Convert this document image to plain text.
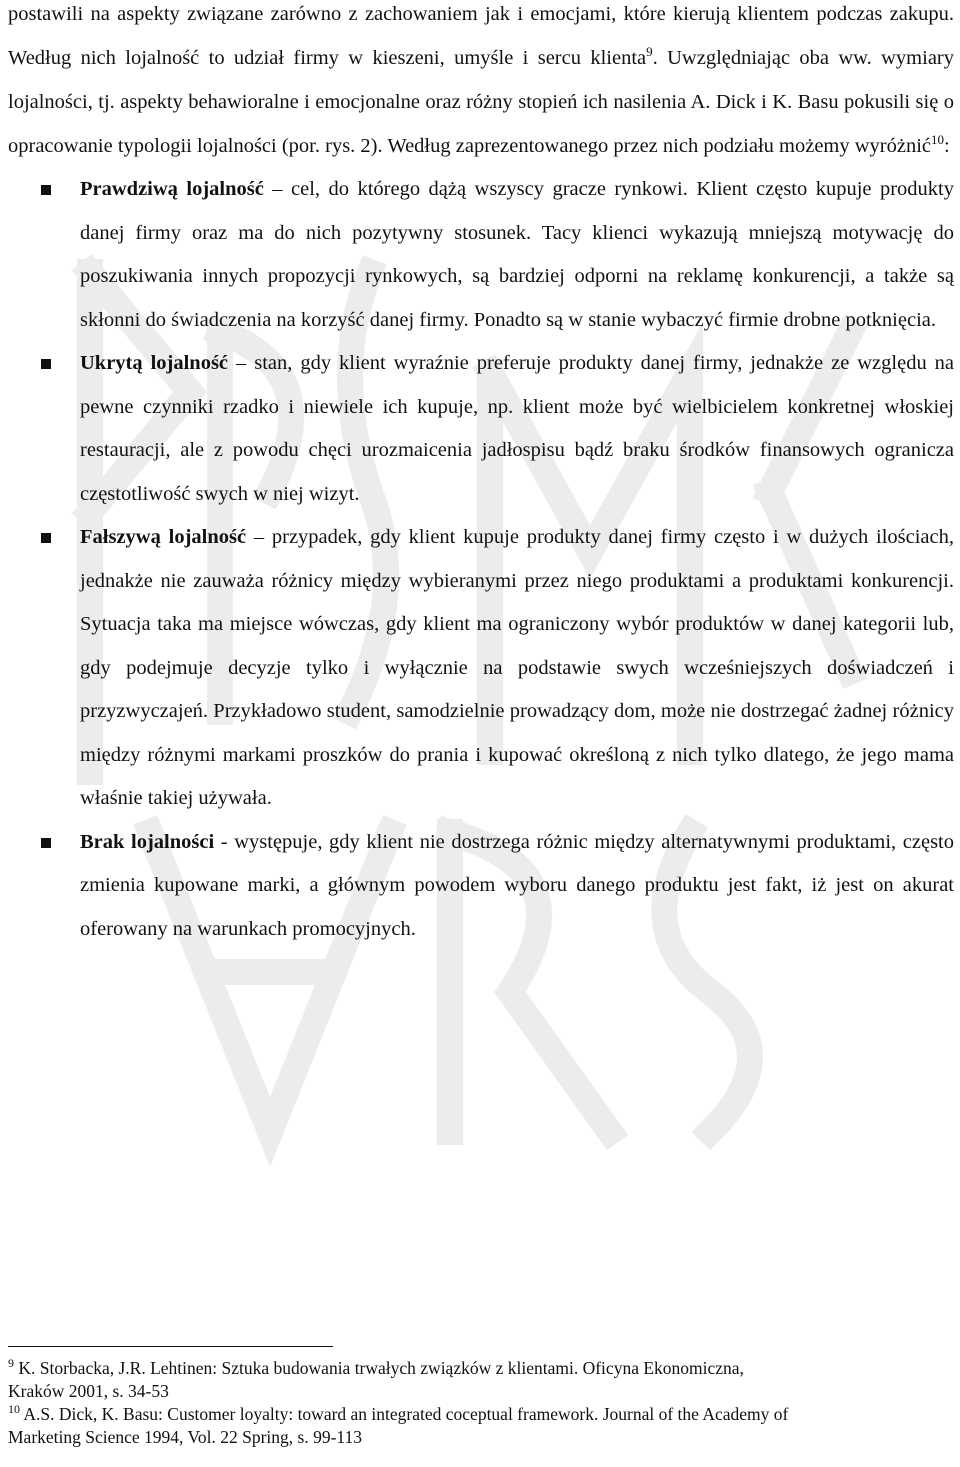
postawili na aspekty związane zarówno z zachowaniem jak i emocjami, które kierują klientem podczas zakupu. Według nich lojalność to udział firmy w kieszeni, umyśle i sercu klienta$^9$. Uwzględniając oba ww. wymiary lojalności, tj. aspekty behawioralne i emocjonalne oraz różny stopień ich nasilenia A. Dick i K. Basu pokusili się o opracowanie typologii lojalności (por. rys. 2). Według zaprezentowanego przez nich podziału możemy wyróżnić$^{10}$:

Prawdziwą lojalność – cel, do którego dążą wszyscy gracze rynkowi. Klient często kupuje produkty danej firmy oraz ma do nich pozytywny stosunek. Tacy klienci wykazują mniejszą motywację do poszukiwania innych propozycji rynkowych, są bardziej odporni na reklamę konkurencji, a także są skłonni do świadczenia na korzyść danej firmy. Ponadto są w stanie wybaczyć firmie drobne potknięcia.
Ukrytą lojalność – stan, gdy klient wyraźnie preferuje produkty danej firmy, jednakże ze względu na pewne czynniki rzadko i niewiele ich kupuje, np. klient może być wielbicielem konkretnej włoskiej restauracji, ale z powodu chęci urozmaicenia jadłospisu bądź braku środków finansowych ogranicza częstotliwość swych w niej wizyt.
Fałszywą lojalność – przypadek, gdy klient kupuje produkty danej firmy często i w dużych ilościach, jednakże nie zauważa różnicy między wybieranymi przez niego produktami a produktami konkurencji. Sytuacja taka ma miejsce wówczas, gdy klient ma ograniczony wybór produktów w danej kategorii lub, gdy podejmuje decyzje tylko i wyłącznie na podstawie swych wcześniejszych doświadczeń i przyzwyczajeń. Przykładowo student, samodzielnie prowadzący dom, może nie dostrzegać żadnej różnicy między różnymi markami proszków do prania i kupować określoną z nich tylko dlatego, że jego mama właśnie takiej używała.
Brak lojalności - występuje, gdy klient nie dostrzega różnic między alternatywnymi produktami, często zmienia kupowane marki, a głównym powodem wyboru danego produktu jest fakt, iż jest on akurat oferowany na warunkach promocyjnych.

$^9$ K. Storbacka, J.R. Lehtinen: Sztuka budowania trwałych związków z klientami. Oficyna Ekonomiczna,
Kraków 2001, s. 34-53

$^{10}$ A.S. Dick, K. Basu: Customer loyalty: toward an integrated coceptual framework. Journal of the Academy of
Marketing Science 1994, Vol. 22 Spring, s. 99-113
